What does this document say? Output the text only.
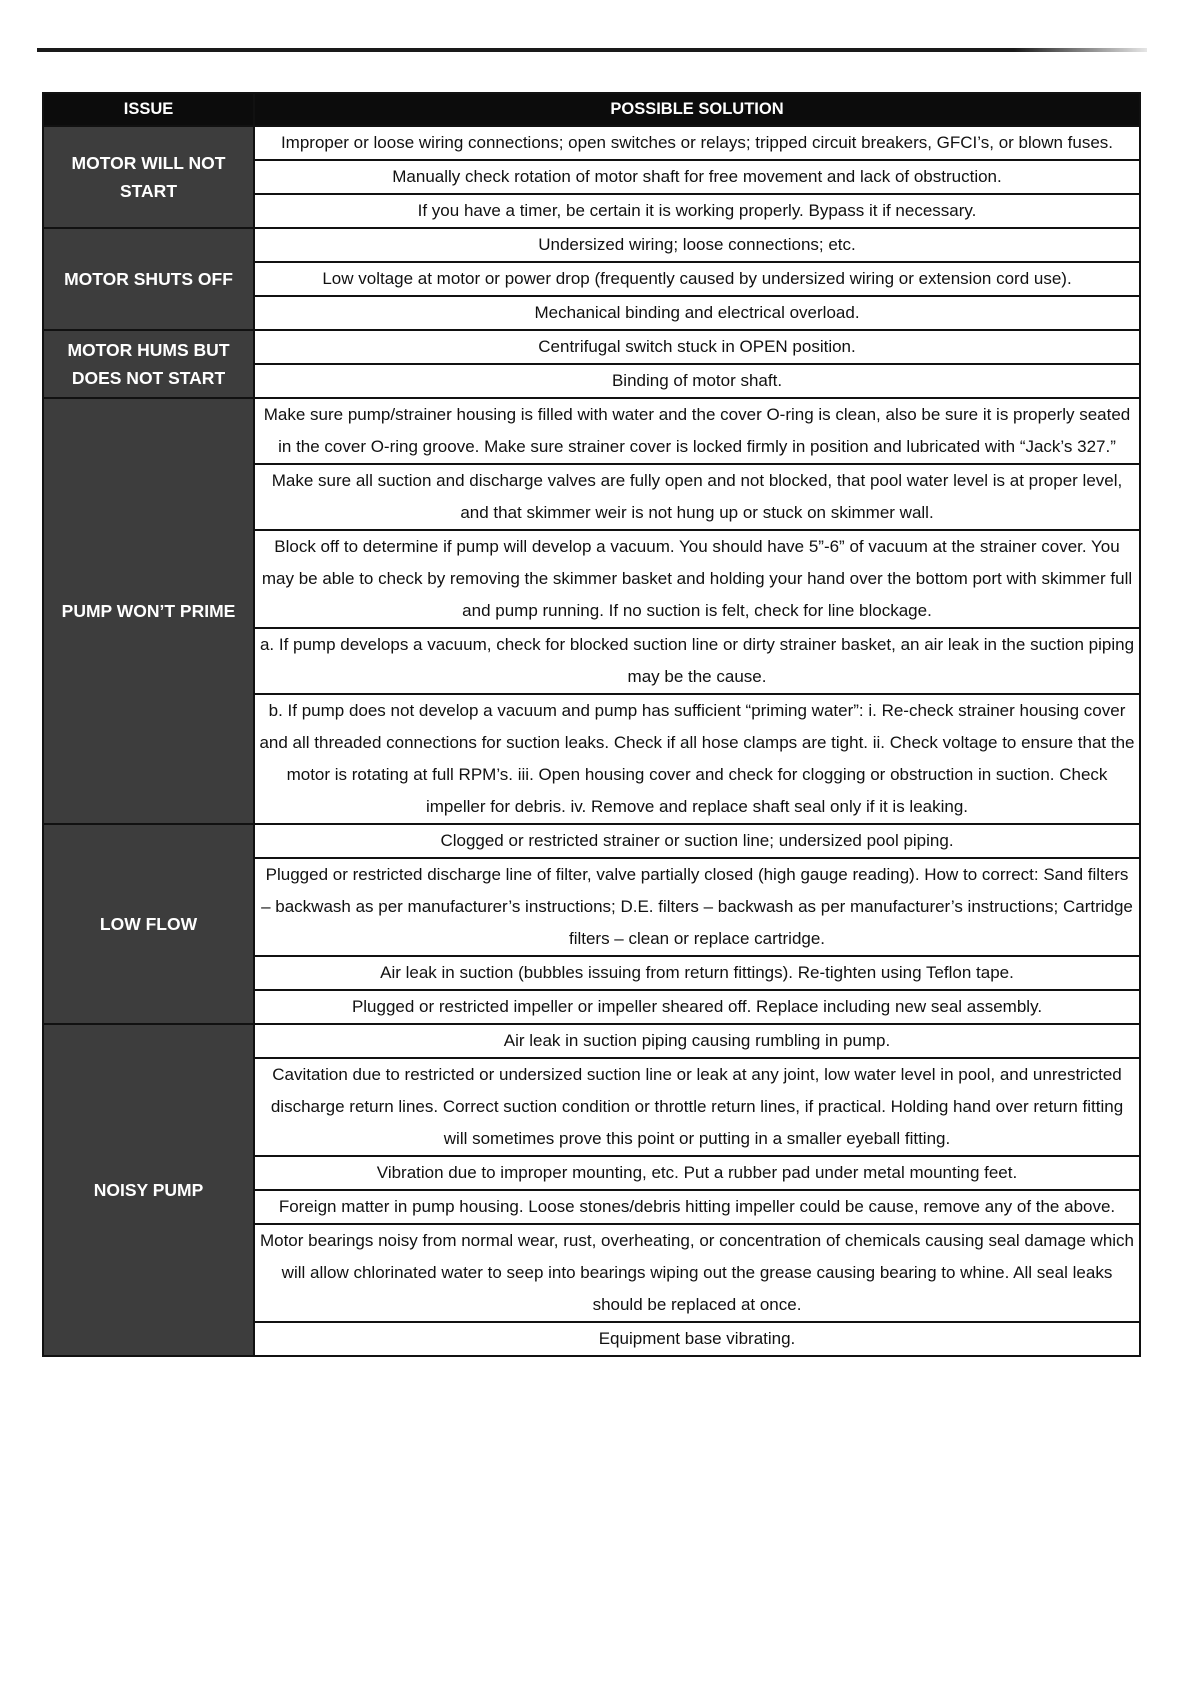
ISSUE	POSSIBLE SOLUTION
MOTOR WILL NOT START	Improper or loose wiring connections; open switches or relays; tripped circuit breakers, GFCI’s, or blown fuses.
	Manually check rotation of motor shaft for free movement and lack of obstruction.
	If you have a timer, be certain it is working properly. Bypass it if necessary.
MOTOR SHUTS OFF	Undersized wiring; loose connections; etc.
	Low voltage at motor or power drop (frequently caused by undersized wiring or extension cord use).
	Mechanical binding and electrical overload.
MOTOR HUMS BUT DOES NOT START	Centrifugal switch stuck in OPEN position.
	Binding of motor shaft.
PUMP WON’T PRIME	Make sure pump/strainer housing is filled with water and the cover O-ring is clean, also be sure it is properly seated in the cover O-ring groove. Make sure strainer cover is locked firmly in position and lubricated with “Jack’s 327.”
	Make sure all suction and discharge valves are fully open and not blocked, that pool water level is at proper level, and that skimmer weir is not hung up or stuck on skimmer wall.
	Block off to determine if pump will develop a vacuum. You should have 5”-6” of vacuum at the strainer cover. You may be able to check by removing the skimmer basket and holding your hand over the bottom port with skimmer full and pump running. If no suction is felt, check for line blockage.
	a. If pump develops a vacuum, check for blocked suction line or dirty strainer basket, an air leak in the suction piping may be the cause.
	b. If pump does not develop a vacuum and pump has sufficient “priming water”: i. Re-check strainer housing cover and all threaded connections for suction leaks. Check if all hose clamps are tight. ii. Check voltage to ensure that the motor is rotating at full RPM’s. iii. Open housing cover and check for clogging or obstruction in suction. Check impeller for debris. iv. Remove and replace shaft seal only if it is leaking.
LOW FLOW	Clogged or restricted strainer or suction line; undersized pool piping.
	Plugged or restricted discharge line of filter, valve partially closed (high gauge reading). How to correct: Sand filters – backwash as per manufacturer’s instructions; D.E. filters – backwash as per manufacturer’s instructions; Cartridge filters – clean or replace cartridge.
	Air leak in suction (bubbles issuing from return fittings). Re-tighten using Teflon tape.
	Plugged or restricted impeller or impeller sheared off. Replace including new seal assembly.
NOISY PUMP	Air leak in suction piping causing rumbling in pump.
	Cavitation due to restricted or undersized suction line or leak at any joint, low water level in pool, and unrestricted discharge return lines. Correct suction condition or throttle return lines, if practical. Holding hand over return fitting will sometimes prove this point or putting in a smaller eyeball fitting.
	Vibration due to improper mounting, etc. Put a rubber pad under metal mounting feet.
	Foreign matter in pump housing. Loose stones/debris hitting impeller could be cause, remove any of the above.
	Motor bearings noisy from normal wear, rust, overheating, or concentration of chemicals causing seal damage which will allow chlorinated water to seep into bearings wiping out the grease causing bearing to whine. All seal leaks should be replaced at once.
	Equipment base vibrating.
